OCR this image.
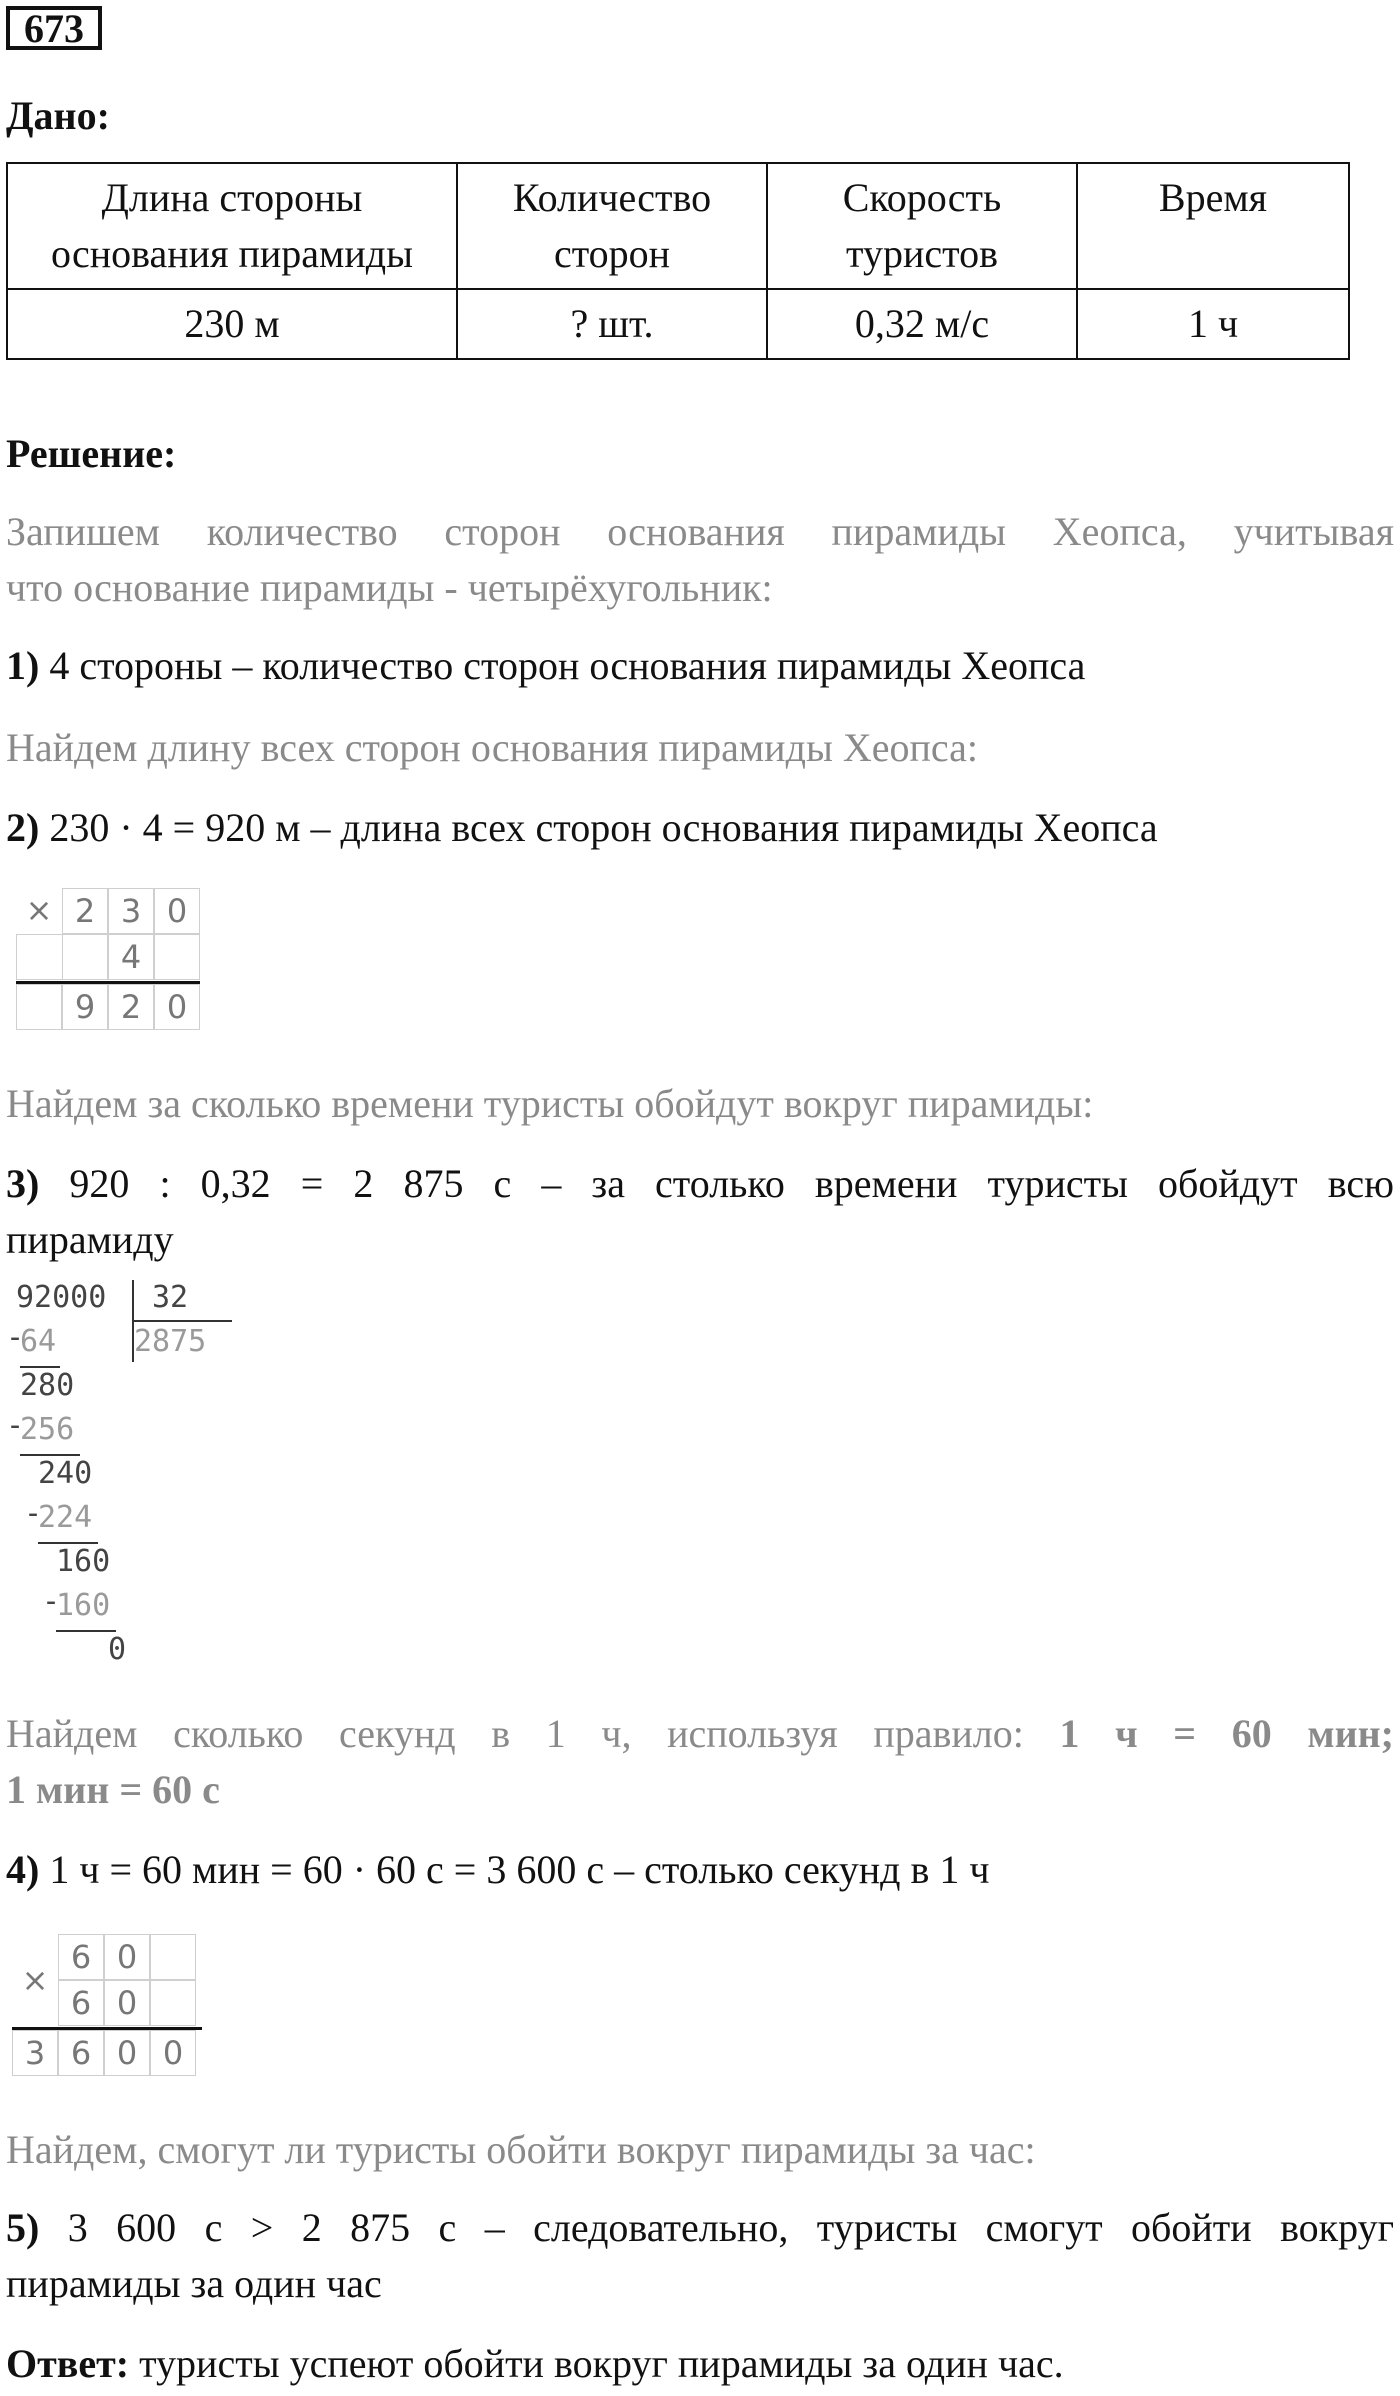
673
Дано:
Длина стороны основания пирамиды	Количество сторон	Скорость туристов	Время
230 м	? шт.	0,32 м/с	1 ч
Решение:
Запишем количество сторон основания пирамиды Хеопса, учитывая
что основание пирамиды - четырёхугольник:
1) 4 стороны – количество сторон основания пирамиды Хеопса
Найдем длину всех сторон основания пирамиды Хеопса:
2) 230 · 4 = 920 м – длина всех сторон основания пирамиды Хеопса
× 2 3 0
4
9 2 0
Найдем за сколько времени туристы обойдут вокруг пирамиды:
3) 920 : 0,32 = 2 875 с – за столько времени туристы обойдут всю
пирамиду
92000 32
2875
-
64
280
-
256
240
-
224
160
-
160
0
Найдем сколько секунд в 1 ч, используя правило: 1 ч = 60 мин;
1 мин = 60 с
4) 1 ч = 60 мин = 60 · 60 с = 3 600 с – столько секунд в 1 ч
×
6 0
6 0
3 6 0 0
Найдем, смогут ли туристы обойти вокруг пирамиды за час:
5) 3 600 с > 2 875 с – следовательно, туристы смогут обойти вокруг
пирамиды за один час
Ответ: туристы успеют обойти вокруг пирамиды за один час.
